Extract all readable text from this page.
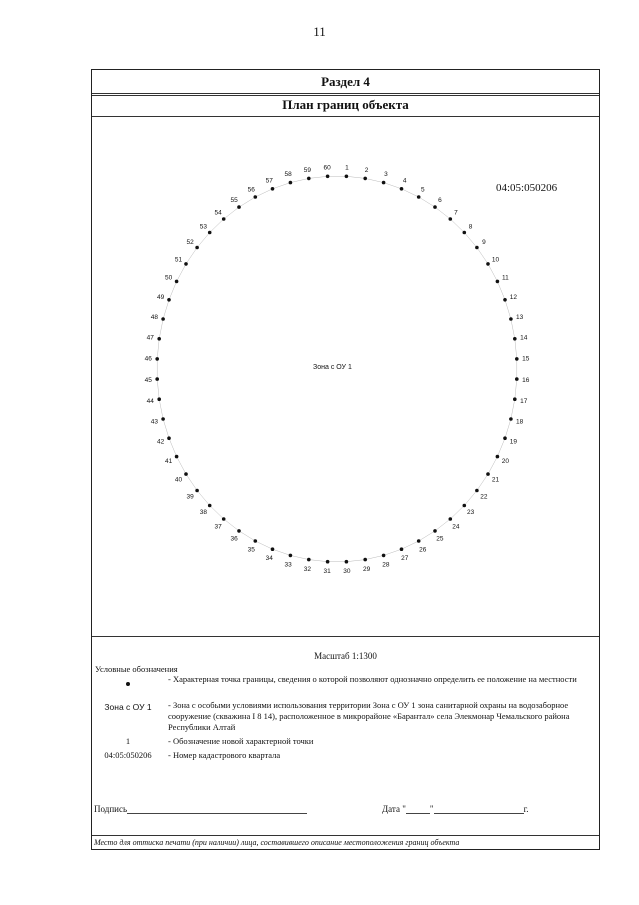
11
Раздел 4
План границ объекта
1 2
3
4
5
6
7
8
9
10
11
12
13
14
15
16
17
18
19
20
21
22
23
24
25
26
27
28
29
30
31
32
33
34
35
36
37
38
39
40
41
42
43
44
45
46
47
48
49
50
51
52
53
54
55
56
57
58
59 60
04:05:050206
Зона с ОУ 1
Масштаб 1:1300
Условные обозначения
- Характерная точка границы, сведения о которой позволяют однозначно определить ее положение на местности
Зона с ОУ 1	- Зона с особыми условиями использования территории Зона с ОУ 1 зона санитарной охраны на водозаборное сооружение (скважина I 8 14), расположенное в микрорайоне «Барантал» села Элекмонар Чемальского района Республики Алтай
1	- Обозначение новой характерной точки
04:05:050206	- Номер кадастрового квартала
Подпись	Дата "	"	г.
Место для оттиска печати (при наличии) лица, составившего описание местоположения границ объекта
